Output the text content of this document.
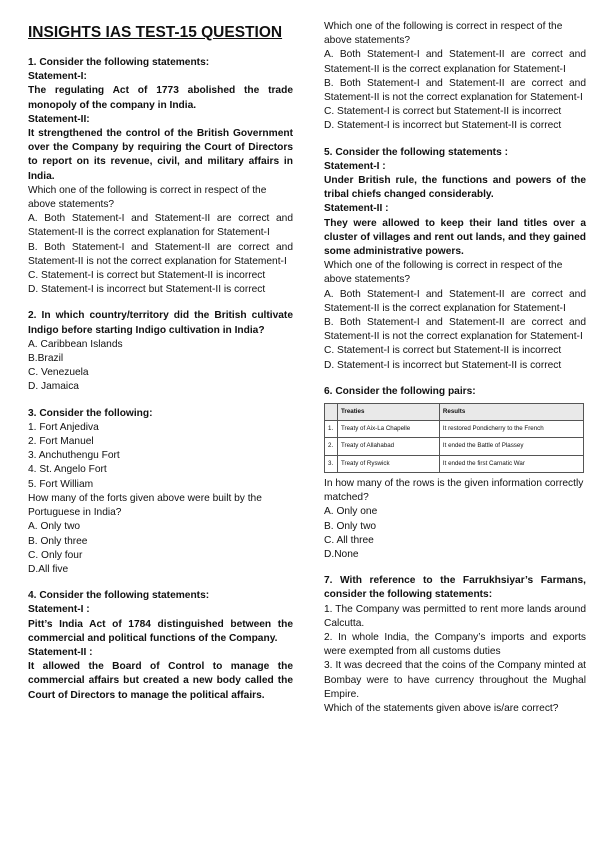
INSIGHTS IAS TEST-15 QUESTION

1. Consider the following statements:

Statement-I:

The regulating Act of 1773 abolished the trade monopoly of the company in India.

Statement-II:

It strengthened the control of the British Government over the Company by requiring the Court of Directors to report on its revenue, civil, and military affairs in India.

Which one of the following is correct in respect of the above statements?

A. Both Statement-I and Statement-II are correct and Statement-II is the correct explanation for Statement-I

B. Both Statement-I and Statement-II are correct and Statement-II is not the correct explanation for Statement-I

C. Statement-I is correct but Statement-II is incorrect

D. Statement-I is incorrect but Statement-II is correct

2. In which country/territory did the British cultivate Indigo before starting Indigo cultivation in India?

A. Caribbean Islands

B.Brazil

C. Venezuela

D. Jamaica

3. Consider the following:

1. Fort Anjediva

2. Fort Manuel

3. Anchuthengu Fort

4. St. Angelo Fort

5. Fort William

How many of the forts given above were built by the Portuguese in India?

A. Only two

B. Only three

C. Only four

D.All five

4. Consider the following statements:

Statement-I :

Pitt’s India Act of 1784 distinguished between the commercial and political functions of the Company.

Statement-II :

It allowed the Board of Control to manage the commercial affairs but created a new body called the Court of Directors to manage the political affairs.

Which one of the following is correct in respect of the above statements?

A. Both Statement-I and Statement-II are correct and Statement-II is the correct explanation for Statement-I

B. Both Statement-I and Statement-II are correct and Statement-II is not the correct explanation for Statement-I

C. Statement-I is correct but Statement-II is incorrect

D. Statement-I is incorrect but Statement-II is correct

5. Consider the following statements :

Statement-I :

Under British rule, the functions and powers of the tribal chiefs changed considerably.

Statement-II :

They were allowed to keep their land titles over a cluster of villages and rent out lands, and they gained some administrative powers.

Which one of the following is correct in respect of the above statements?

A. Both Statement-I and Statement-II are correct and Statement-II is the correct explanation for Statement-I

B. Both Statement-I and Statement-II are correct and Statement-II is not the correct explanation for Statement-I

C. Statement-I is correct but Statement-II is incorrect

D. Statement-I is incorrect but Statement-II is correct

6. Consider the following pairs:

	Treaties	Results
1.	Treaty of Aix-La Chapelle	It restored Pondicherry to the French
2.	Treaty of Allahabad	It ended the Battle of Plassey
3.	Treaty of Ryswick	It ended the first Carnatic War

In how many of the rows is the given information correctly matched?

A. Only one

B. Only two

C. All three

D.None

7. With reference to the Farrukhsiyar’s Farmans, consider the following statements:

1. The Company was permitted to rent more lands around Calcutta.

2. In whole India, the Company’s imports and exports were exempted from all customs duties

3. It was decreed that the coins of the Company minted at Bombay were to have currency throughout the Mughal Empire.

Which of the statements given above is/are correct?
